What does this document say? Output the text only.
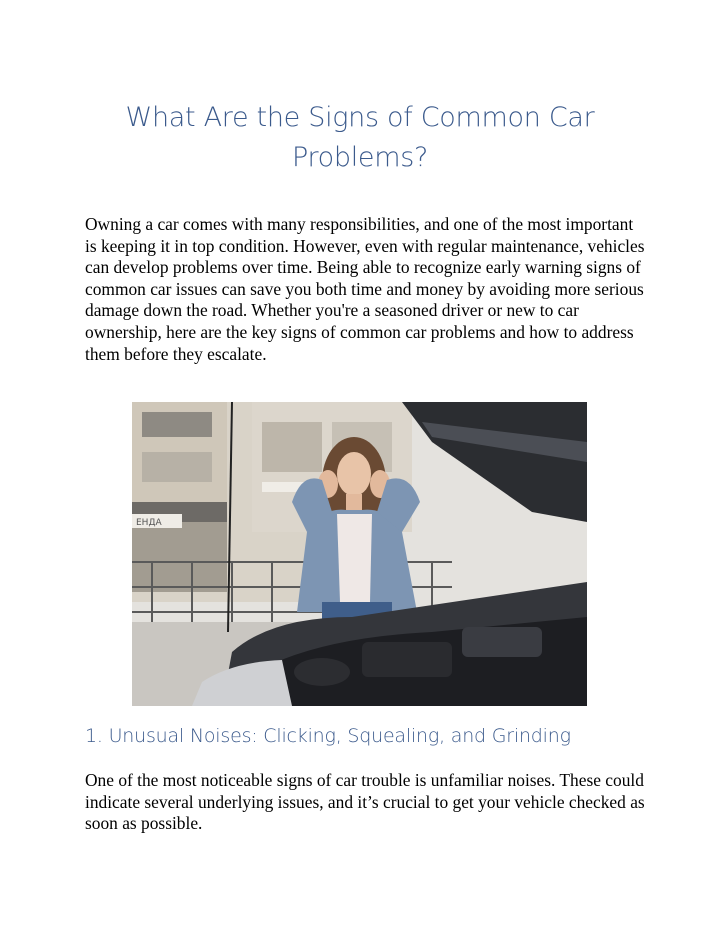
What Are the Signs of Common Car Problems?
Owning a car comes with many responsibilities, and one of the most important is keeping it in top condition. However, even with regular maintenance, vehicles can develop problems over time. Being able to recognize early warning signs of common car issues can save you both time and money by avoiding more serious damage down the road. Whether you're a seasoned driver or new to car ownership, here are the key signs of common car problems and how to address them before they escalate.
ЕНДА
1. Unusual Noises: Clicking, Squealing, and Grinding
One of the most noticeable signs of car trouble is unfamiliar noises. These could indicate several underlying issues, and it’s crucial to get your vehicle checked as soon as possible.
